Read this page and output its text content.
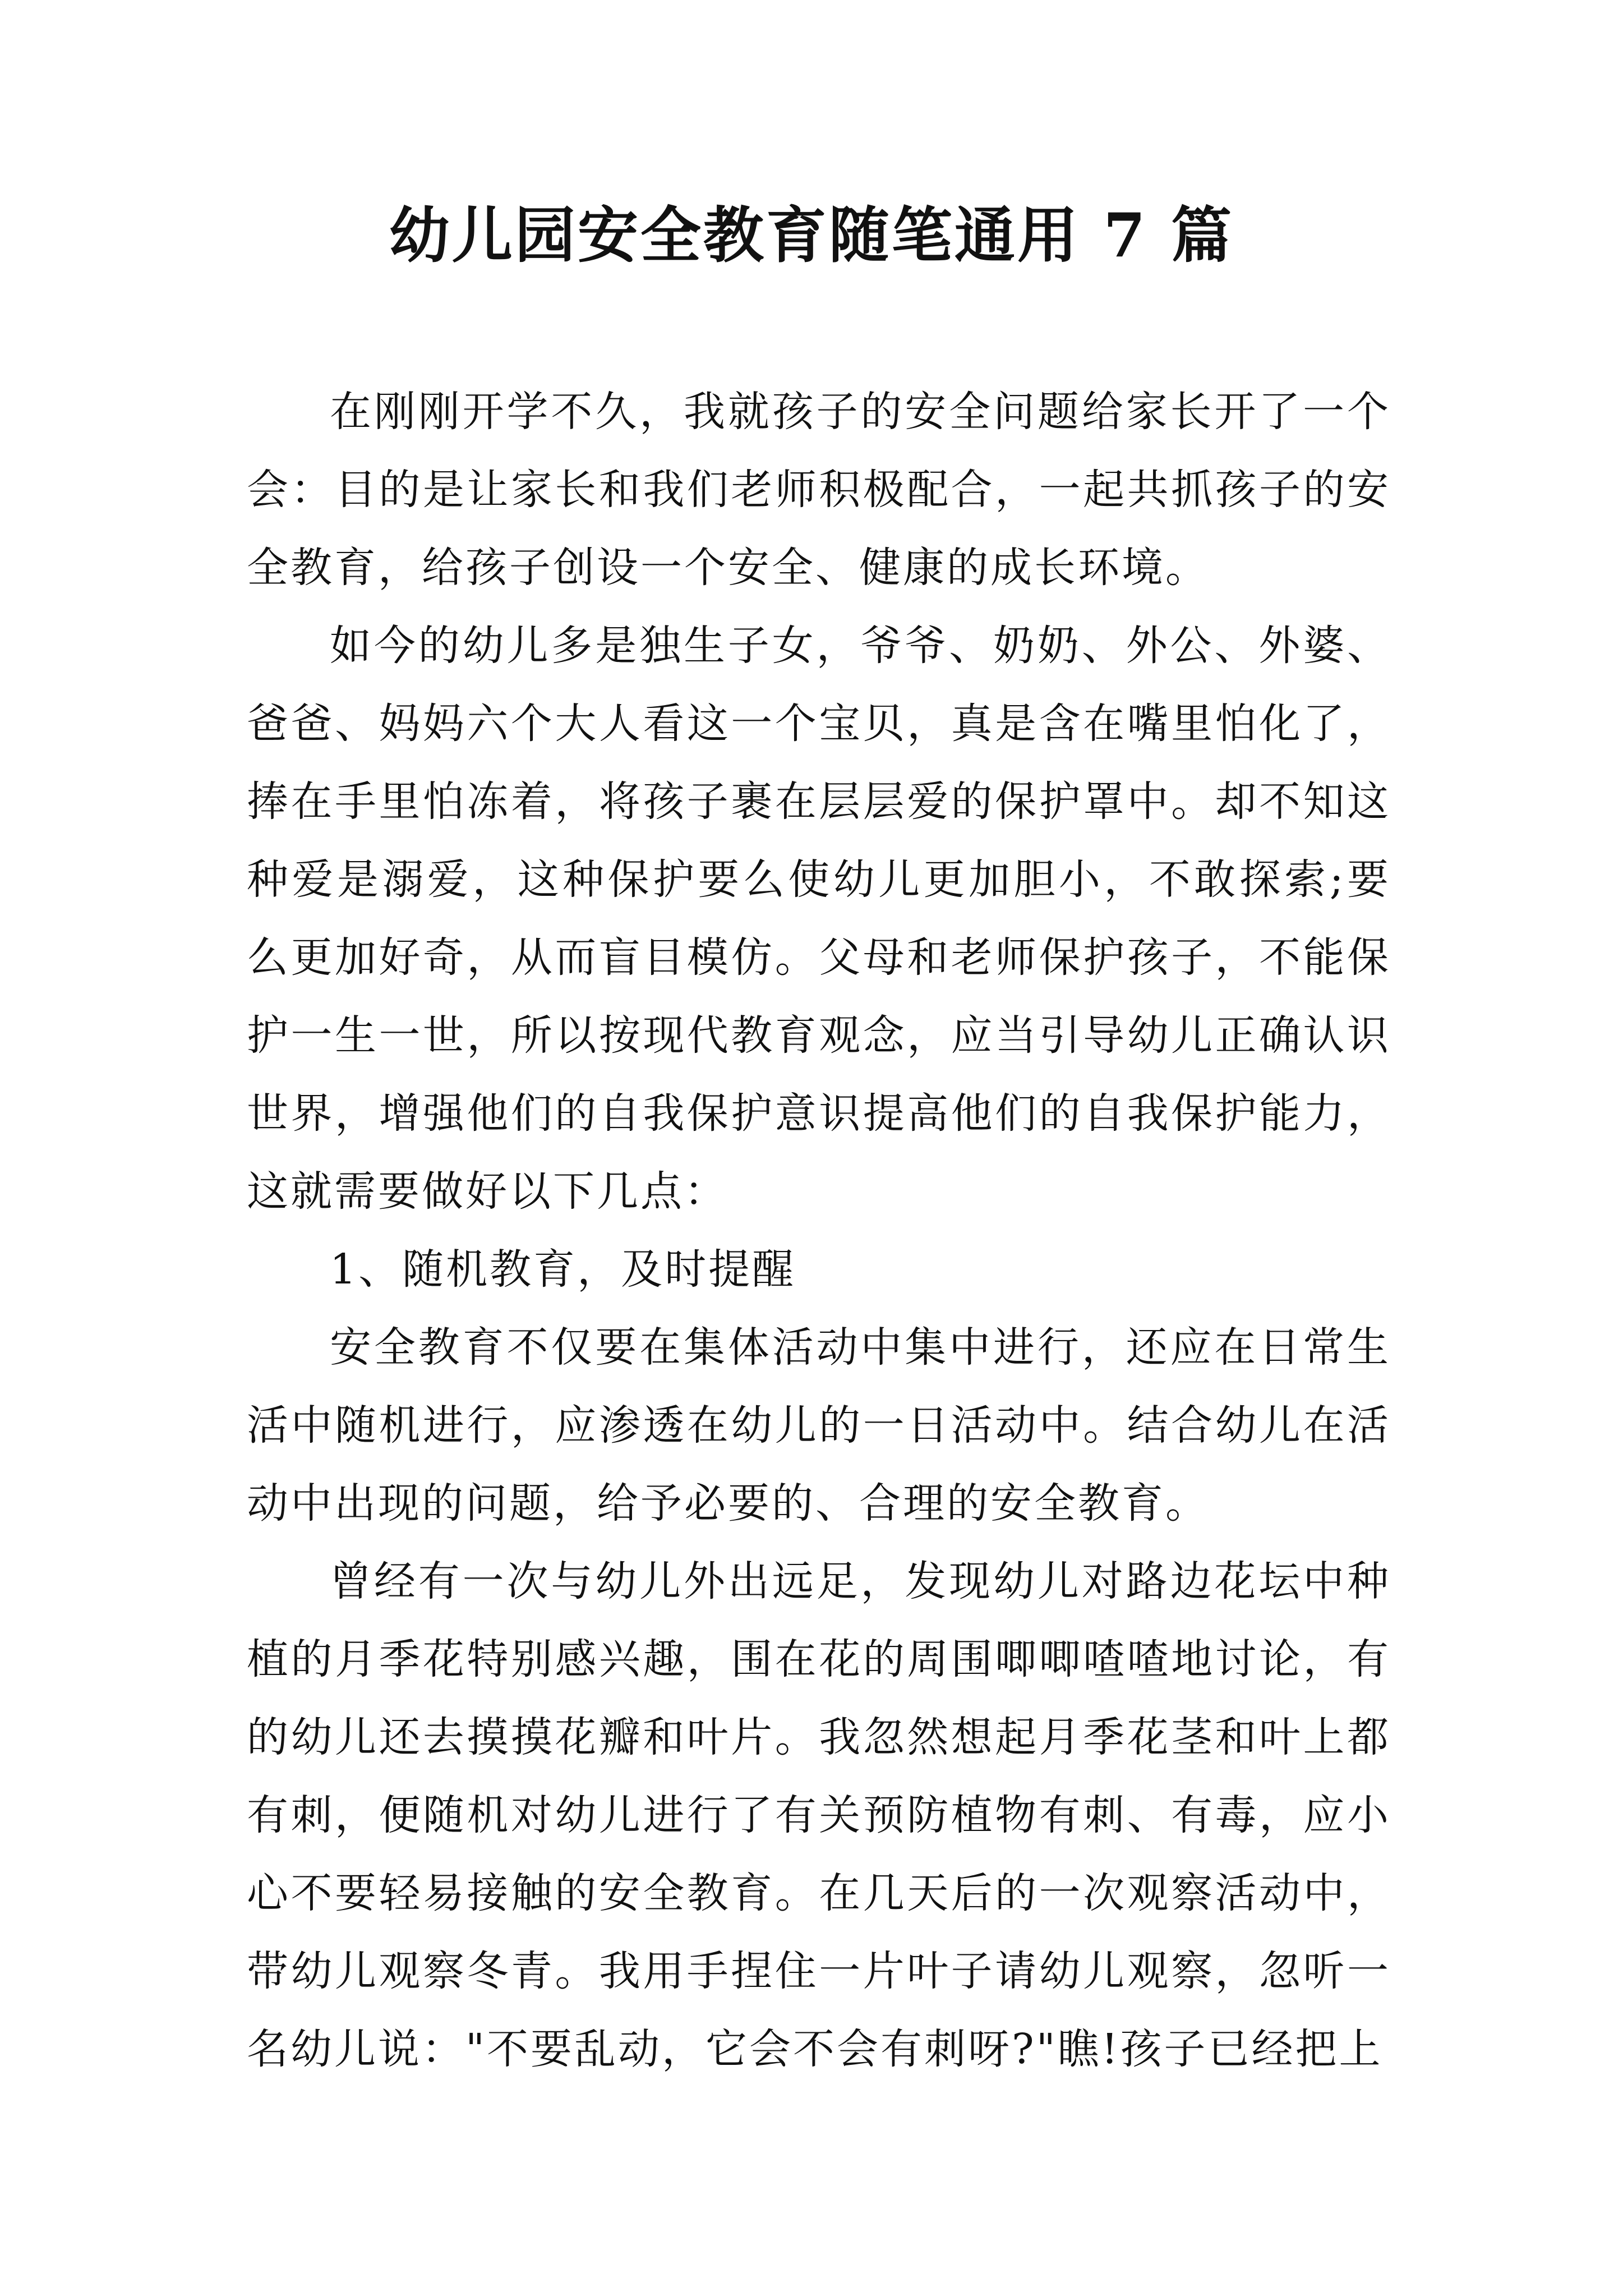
幼儿园安全教育随笔通用 7 篇

在刚刚开学不久，我就孩子的安全问题给家长开了一个会：目的是让家长和我们老师积极配合，一起共抓孩子的安全教育，给孩子创设一个安全、健康的成长环境。

如今的幼儿多是独生子女，爷爷、奶奶、外公、外婆、爸爸、妈妈六个大人看这一个宝贝，真是含在嘴里怕化了，捧在手里怕冻着，将孩子裹在层层爱的保护罩中。却不知这种爱是溺爱，这种保护要么使幼儿更加胆小，不敢探索;要么更加好奇，从而盲目模仿。父母和老师保护孩子，不能保护一生一世，所以按现代教育观念，应当引导幼儿正确认识世界，增强他们的自我保护意识提高他们的自我保护能力，这就需要做好以下几点：

1、随机教育，及时提醒

安全教育不仅要在集体活动中集中进行，还应在日常生活中随机进行，应渗透在幼儿的一日活动中。结合幼儿在活动中出现的问题，给予必要的、合理的安全教育。

曾经有一次与幼儿外出远足，发现幼儿对路边花坛中种植的月季花特别感兴趣，围在花的周围唧唧喳喳地讨论，有的幼儿还去摸摸花瓣和叶片。我忽然想起月季花茎和叶上都有刺，便随机对幼儿进行了有关预防植物有刺、有毒，应小心不要轻易接触的安全教育。在几天后的一次观察活动中，带幼儿观察冬青。我用手捏住一片叶子请幼儿观察，忽听一名幼儿说："不要乱动，它会不会有刺呀?"瞧!孩子已经把上
